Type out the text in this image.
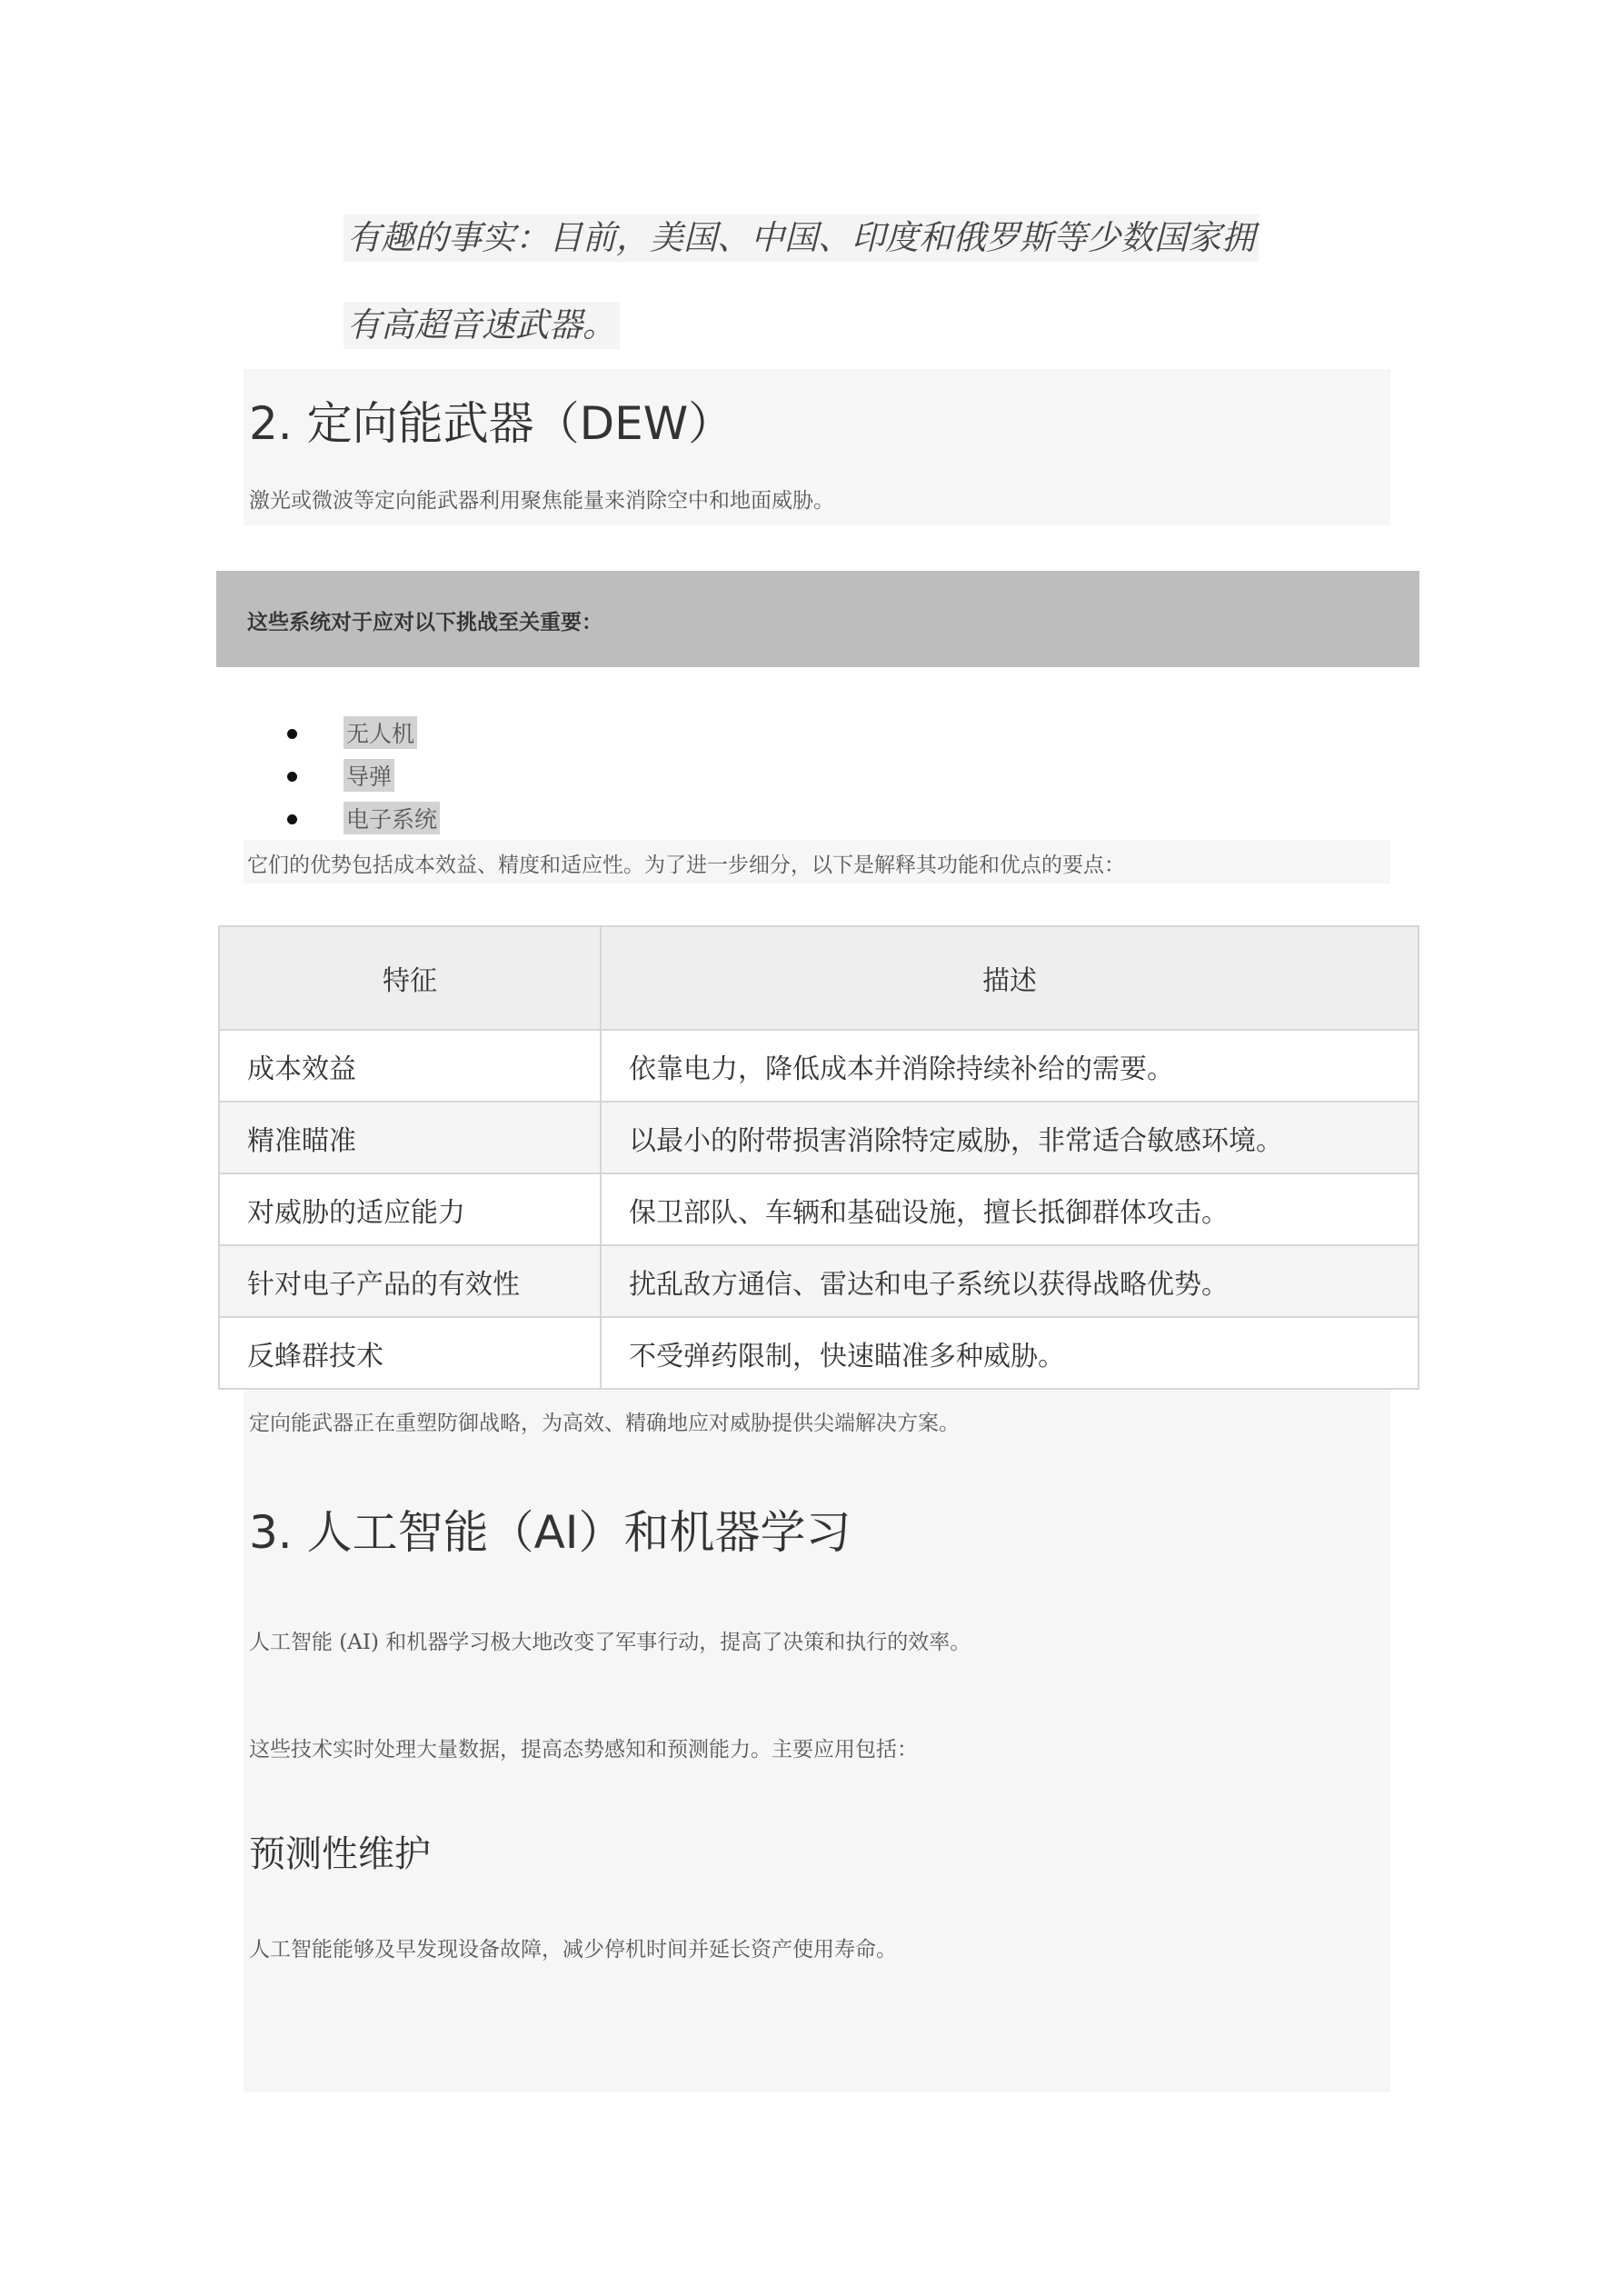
有趣的事实：目前，美国、中国、印度和俄罗斯等少数国家拥
有高超音速武器。
2. 定向能武器（DEW）
激光或微波等定向能武器利用聚焦能量来消除空中和地面威胁。
这些系统对于应对以下挑战至关重要：
无人机
导弹
电子系统
它们的优势包括成本效益、精度和适应性。为了进一步细分，以下是解释其功能和优点的要点：
特征	描述
成本效益	依靠电力，降低成本并消除持续补给的需要。
精准瞄准	以最小的附带损害消除特定威胁，非常适合敏感环境。
对威胁的适应能力	保卫部队、车辆和基础设施，擅长抵御群体攻击。
针对电子产品的有效性	扰乱敌方通信、雷达和电子系统以获得战略优势。
反蜂群技术	不受弹药限制，快速瞄准多种威胁。
定向能武器正在重塑防御战略，为高效、精确地应对威胁提供尖端解决方案。
3. 人工智能（AI）和机器学习
人工智能 (AI) 和机器学习极大地改变了军事行动，提高了决策和执行的效率。
这些技术实时处理大量数据，提高态势感知和预测能力。主要应用包括：
预测性维护
人工智能能够及早发现设备故障，减少停机时间并延长资产使用寿命。
